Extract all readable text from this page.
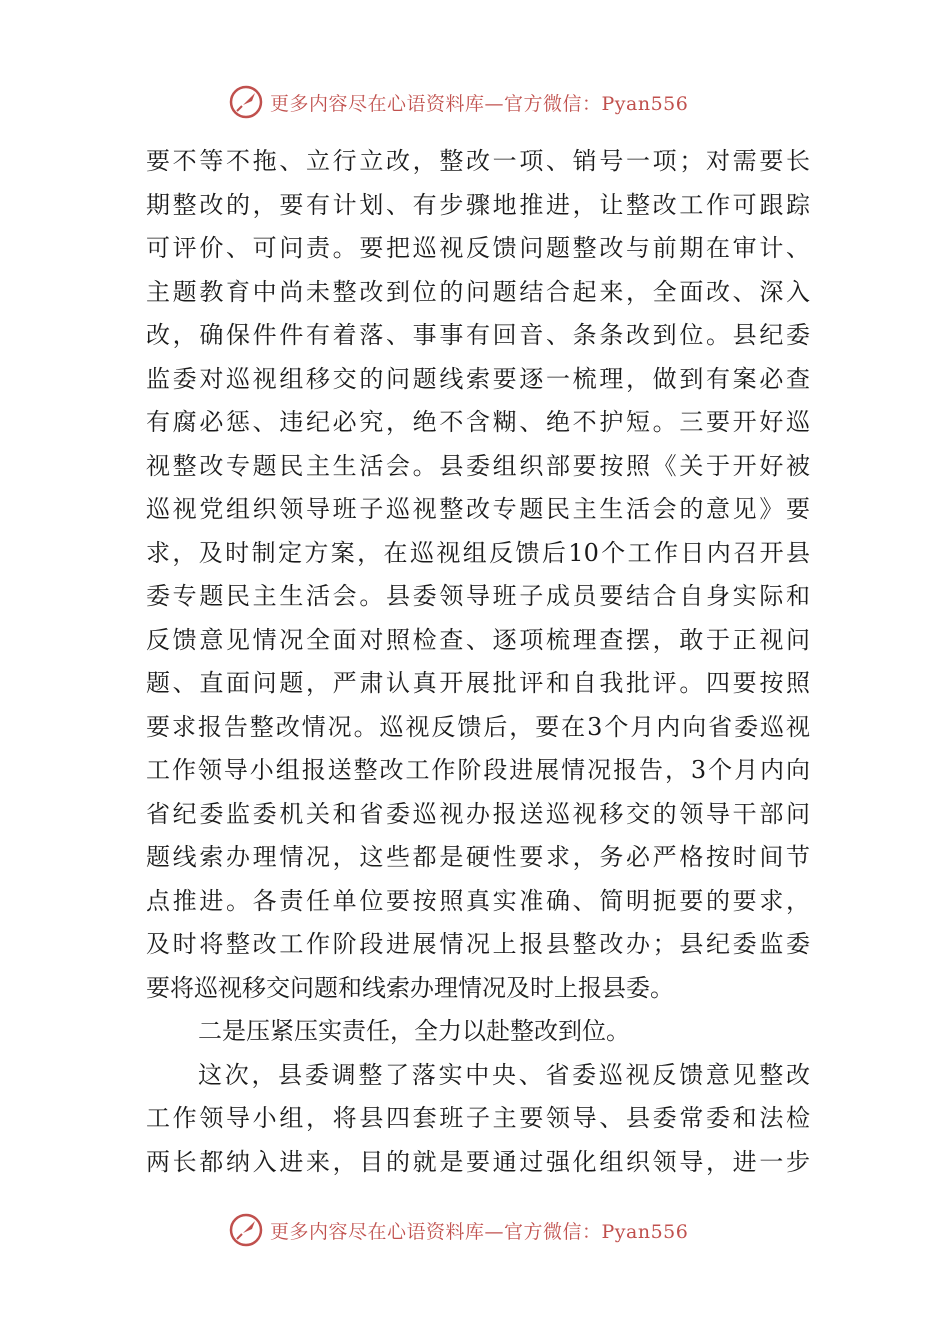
更多内容尽在心语资料库—官方微信：Pyan556
要不等不拖、立行立改，整改一项、销号一项；对需要长
期整改的，要有计划、有步骤地推进，让整改工作可跟踪
可评价、可问责。要把巡视反馈问题整改与前期在审计、
主题教育中尚未整改到位的问题结合起来，全面改、深入
改，确保件件有着落、事事有回音、条条改到位。县纪委
监委对巡视组移交的问题线索要逐一梳理，做到有案必查
有腐必惩、违纪必究，绝不含糊、绝不护短。三要开好巡
视整改专题民主生活会。县委组织部要按照《关于开好被
巡视党组织领导班子巡视整改专题民主生活会的意见》要
求，及时制定方案，在巡视组反馈后10个工作日内召开县
委专题民主生活会。县委领导班子成员要结合自身实际和
反馈意见情况全面对照检查、逐项梳理查摆，敢于正视问
题、直面问题，严肃认真开展批评和自我批评。四要按照
要求报告整改情况。巡视反馈后，要在3个月内向省委巡视
工作领导小组报送整改工作阶段进展情况报告，3个月内向
省纪委监委机关和省委巡视办报送巡视移交的领导干部问
题线索办理情况，这些都是硬性要求，务必严格按时间节
点推进。各责任单位要按照真实准确、简明扼要的要求，
及时将整改工作阶段进展情况上报县整改办；县纪委监委
要将巡视移交问题和线索办理情况及时上报县委。
二是压紧压实责任，全力以赴整改到位。
这次，县委调整了落实中央、省委巡视反馈意见整改
工作领导小组，将县四套班子主要领导、县委常委和法检
两长都纳入进来，目的就是要通过强化组织领导，进一步
更多内容尽在心语资料库—官方微信：Pyan556
